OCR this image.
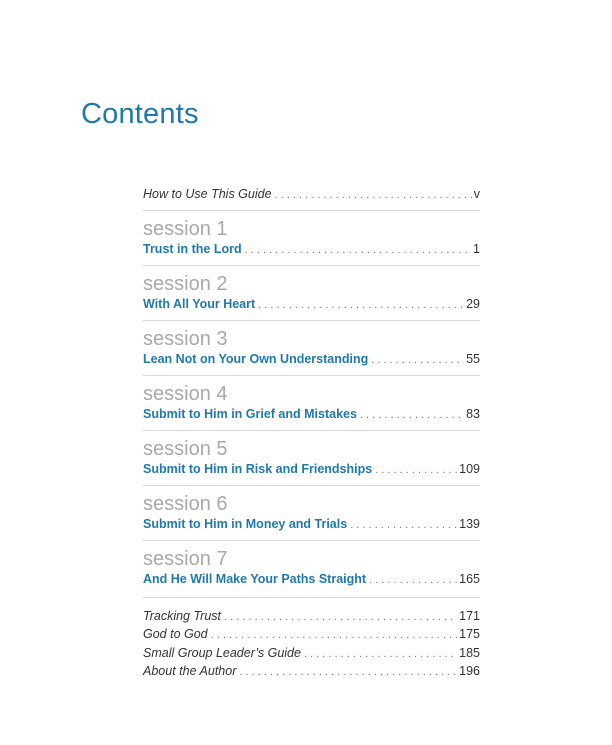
Contents
How to Use This Guide . . .	v
session 1
Trust in the Lord . . .	1
session 2
With All Your Heart . . .	29
session 3
Lean Not on Your Own Understanding . . .	55
session 4
Submit to Him in Grief and Mistakes . . .	83
session 5
Submit to Him in Risk and Friendships . . .	109
session 6
Submit to Him in Money and Trials . . .	139
session 7
And He Will Make Your Paths Straight . . .	165
Tracking Trust . . .	171
God to God . . .	175
Small Group Leader’s Guide . . .	185
About the Author . . .	196
